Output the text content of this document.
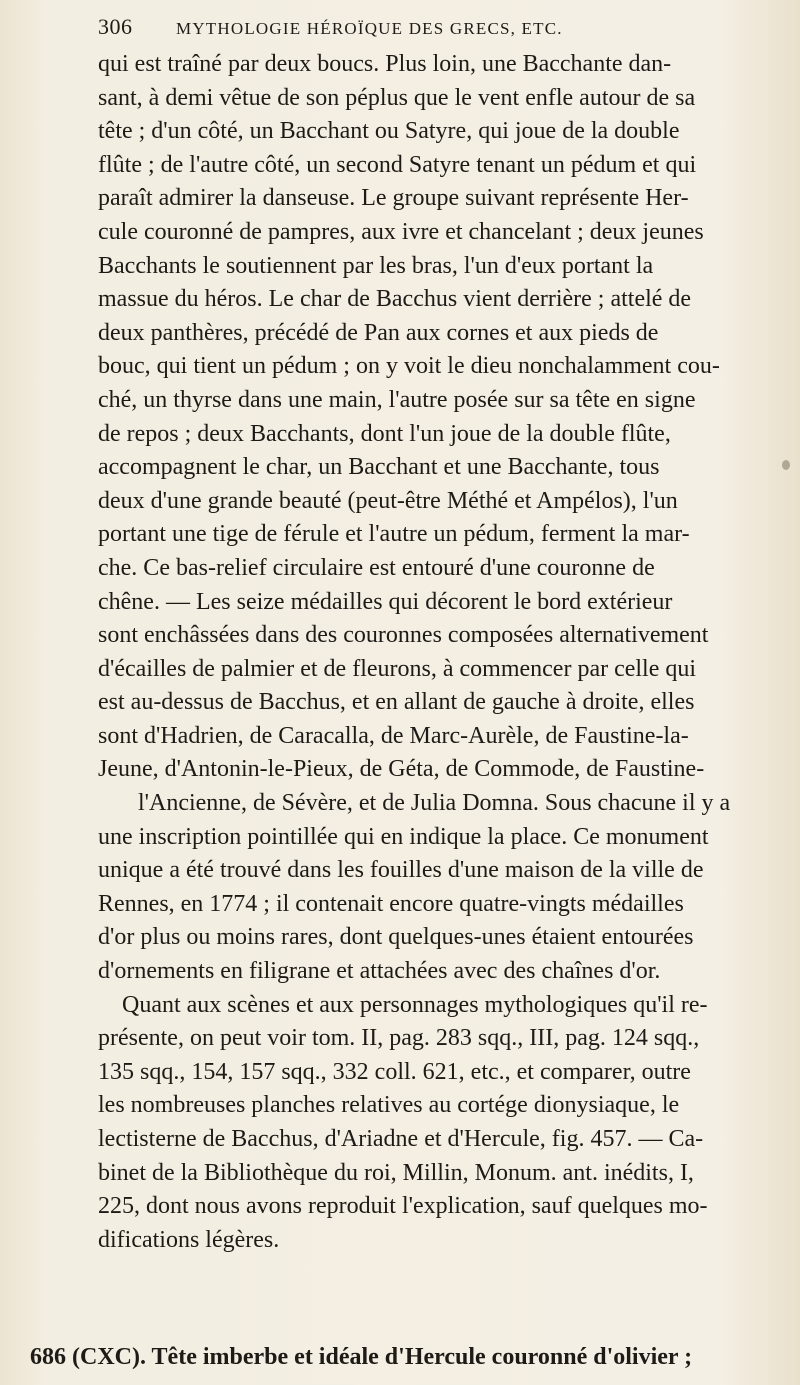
306	MYTHOLOGIE HÉROÏQUE DES GRECS, ETC.
qui est traîné par deux boucs. Plus loin, une Bacchante dan-
sant, à demi vêtue de son péplus que le vent enfle autour de sa
tête ; d'un côté, un Bacchant ou Satyre, qui joue de la double
flûte ; de l'autre côté, un second Satyre tenant un pédum et qui
paraît admirer la danseuse. Le groupe suivant représente Her-
cule couronné de pampres, aux ivre et chancelant ; deux jeunes
Bacchants le soutiennent par les bras, l'un d'eux portant la
massue du héros. Le char de Bacchus vient derrière ; attelé de
deux panthères, précédé de Pan aux cornes et aux pieds de
bouc, qui tient un pédum ; on y voit le dieu nonchalamment cou-
ché, un thyrse dans une main, l'autre posée sur sa tête en signe
de repos ; deux Bacchants, dont l'un joue de la double flûte,
accompagnent le char, un Bacchant et une Bacchante, tous
deux d'une grande beauté (peut-être Méthé et Ampélos), l'un
portant une tige de férule et l'autre un pédum, ferment la mar-
che. Ce bas-relief circulaire est entouré d'une couronne de
chêne. — Les seize médailles qui décorent le bord extérieur
sont enchâssées dans des couronnes composées alternativement
d'écailles de palmier et de fleurons, à commencer par celle qui
est au-dessus de Bacchus, et en allant de gauche à droite, elles
sont d'Hadrien, de Caracalla, de Marc-Aurèle, de Faustine-la-
Jeune, d'Antonin-le-Pieux, de Géta, de Commode, de Faustine-
l'Ancienne, de Sévère, et de Julia Domna. Sous chacune il y a
une inscription pointillée qui en indique la place. Ce monument
unique a été trouvé dans les fouilles d'une maison de la ville de
Rennes, en 1774 ; il contenait encore quatre-vingts médailles
d'or plus ou moins rares, dont quelques-unes étaient entourées
d'ornements en filigrane et attachées avec des chaînes d'or.
Quant aux scènes et aux personnages mythologiques qu'il re-
présente, on peut voir tom. II, pag. 283 sqq., III, pag. 124 sqq.,
135 sqq., 154, 157 sqq., 332 coll. 621, etc., et comparer, outre
les nombreuses planches relatives au cortége dionysiaque, le
lectisterne de Bacchus, d'Ariadne et d'Hercule, fig. 457. — Ca-
binet de la Bibliothèque du roi, Millin, Monum. ant. inédits, I,
225, dont nous avons reproduit l'explication, sauf quelques mo-
difications légères.
686 (CXC). Tête imberbe et idéale d'Hercule couronné d'olivier ;
